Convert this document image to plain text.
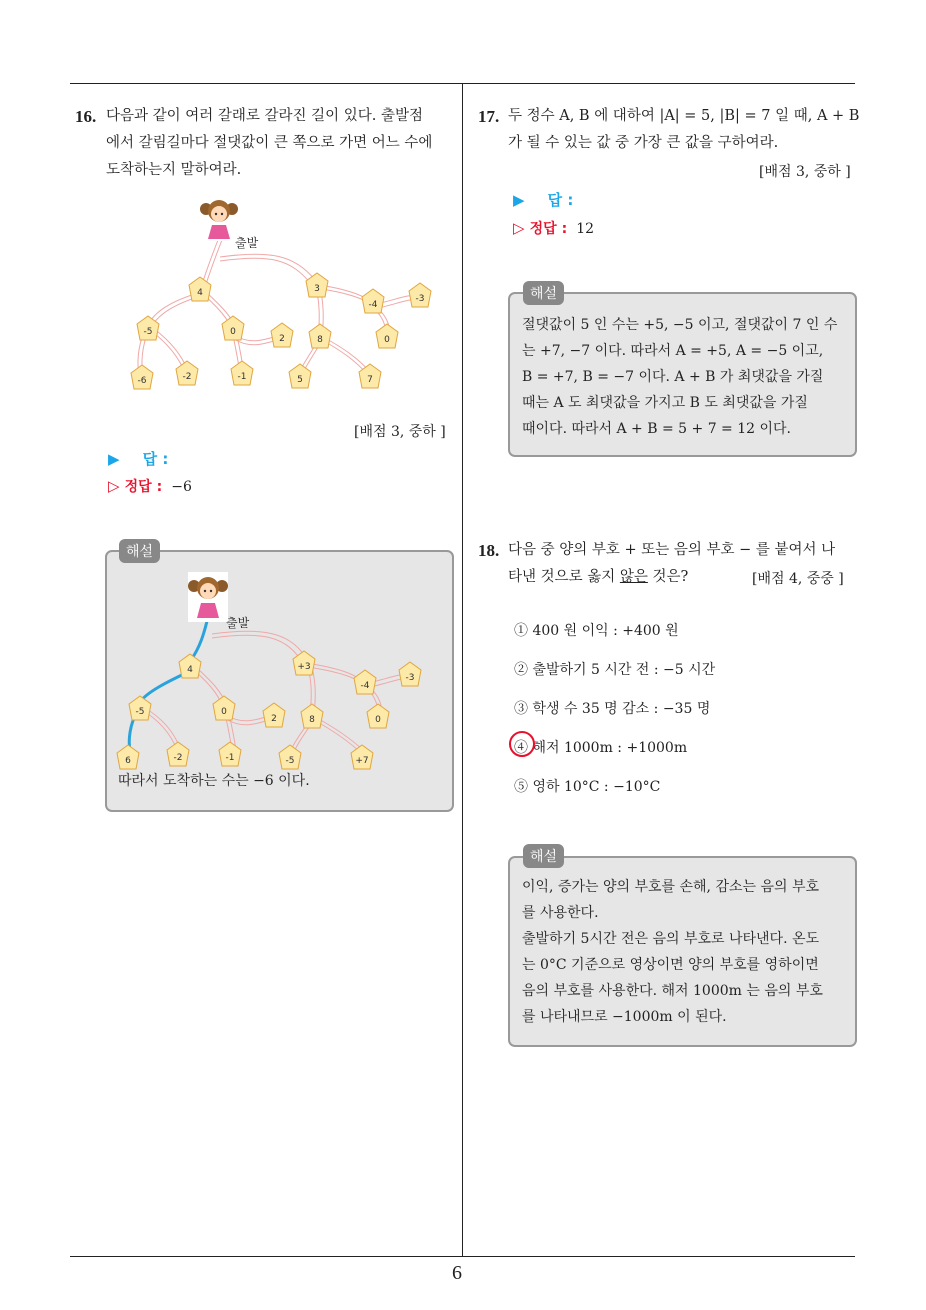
6
16. 다음과 같이 여러 갈래로 갈라진 길이 있다. 출발점
에서 갈림길마다 절댓값이 큰 쪽으로 가면 어느 수에
도착하는지 말하여라.
출발
4	3
-5	0
2	8
-4
-3
0
-6	-2	-1	5	7
[배점 3, 중하 ]
▶ 답 :
▷ 정답 : −6
해설
출발
4	+3
-5	0
2	8
-4
-3
0
6	-2	-1	-5	+7
따라서 도착하는 수는 −6 이다.
17. 두 정수 A, B 에 대하여 |A| = 5, |B| = 7 일 때, A + B
가 될 수 있는 값 중 가장 큰 값을 구하여라.
[배점 3, 중하 ]
▶ 답 :
▷ 정답 : 12
해설
절댓값이 5 인 수는 +5, −5 이고, 절댓값이 7 인 수
는 +7, −7 이다. 따라서 A = +5, A = −5 이고,
B = +7, B = −7 이다. A + B 가 최댓값을 가질
때는 A 도 최댓값을 가지고 B 도 최댓값을 가질
때이다. 따라서 A + B = 5 + 7 = 12 이다.
18. 다음 중 양의 부호 + 또는 음의 부호 − 를 붙여서 나
타낸 것으로 옳지 않은 것은?	[배점 4, 중중 ]
① 400 원 이익 : +400 원
② 출발하기 5 시간 전 : −5 시간
③ 학생 수 35 명 감소 : −35 명
④ 해저 1000m : +1000m
⑤ 영하 10°C : −10°C
해설
이익, 증가는 양의 부호를 손해, 감소는 음의 부호
를 사용한다.
출발하기 5시간 전은 음의 부호로 나타낸다. 온도
는 0°C 기준으로 영상이면 양의 부호를 영하이면
음의 부호를 사용한다. 해저 1000m 는 음의 부호
를 나타내므로 −1000m 이 된다.
